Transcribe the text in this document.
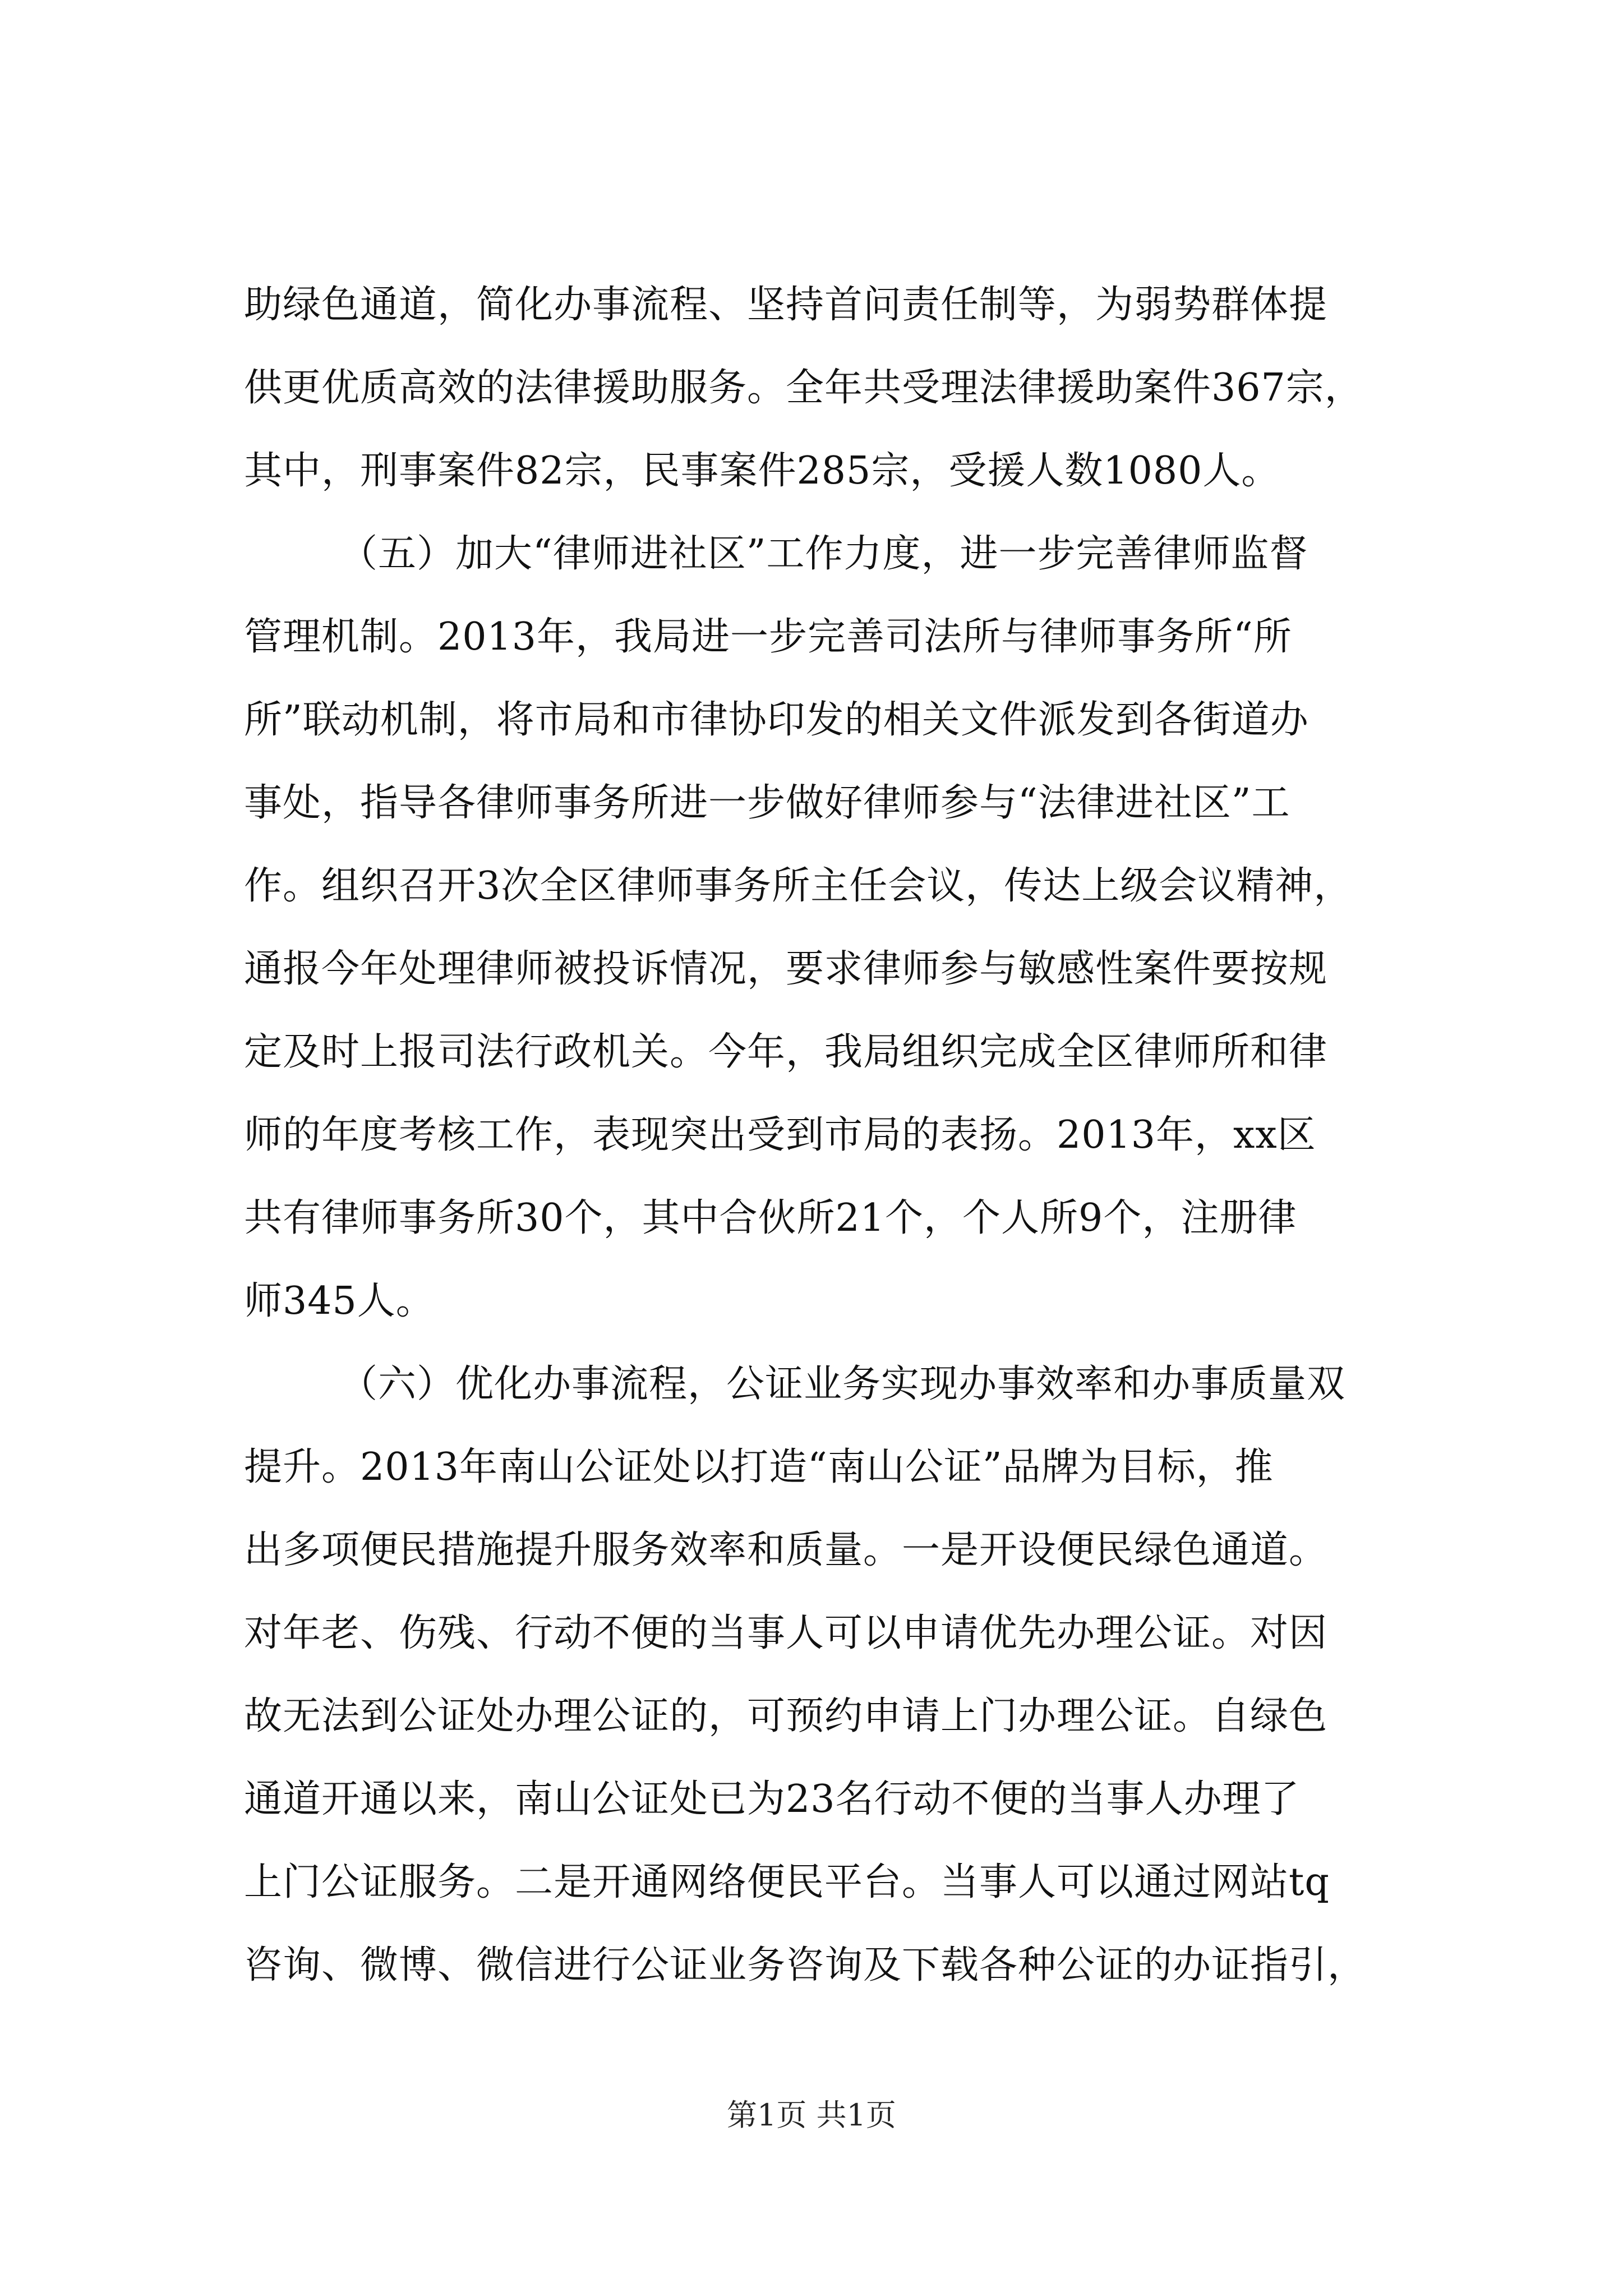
助绿色通道，简化办事流程、坚持首问责任制等，为弱势群体提
供更优质高效的法律援助服务。全年共受理法律援助案件367宗，
其中，刑事案件82宗，民事案件285宗，受援人数1080人。
（五）加大“律师进社区”工作力度，进一步完善律师监督
管理机制。2013年，我局进一步完善司法所与律师事务所“所
所”联动机制，将市局和市律协印发的相关文件派发到各街道办
事处，指导各律师事务所进一步做好律师参与“法律进社区”工
作。组织召开3次全区律师事务所主任会议，传达上级会议精神，
通报今年处理律师被投诉情况，要求律师参与敏感性案件要按规
定及时上报司法行政机关。今年，我局组织完成全区律师所和律
师的年度考核工作，表现突出受到市局的表扬。2013年，xx区
共有律师事务所30个，其中合伙所21个，个人所9个，注册律
师345人。
（六）优化办事流程，公证业务实现办事效率和办事质量双
提升。2013年南山公证处以打造“南山公证”品牌为目标，推
出多项便民措施提升服务效率和质量。一是开设便民绿色通道。
对年老、伤残、行动不便的当事人可以申请优先办理公证。对因
故无法到公证处办理公证的，可预约申请上门办理公证。自绿色
通道开通以来，南山公证处已为23名行动不便的当事人办理了
上门公证服务。二是开通网络便民平台。当事人可以通过网站tq
咨询、微博、微信进行公证业务咨询及下载各种公证的办证指引，
第1页 共1页
